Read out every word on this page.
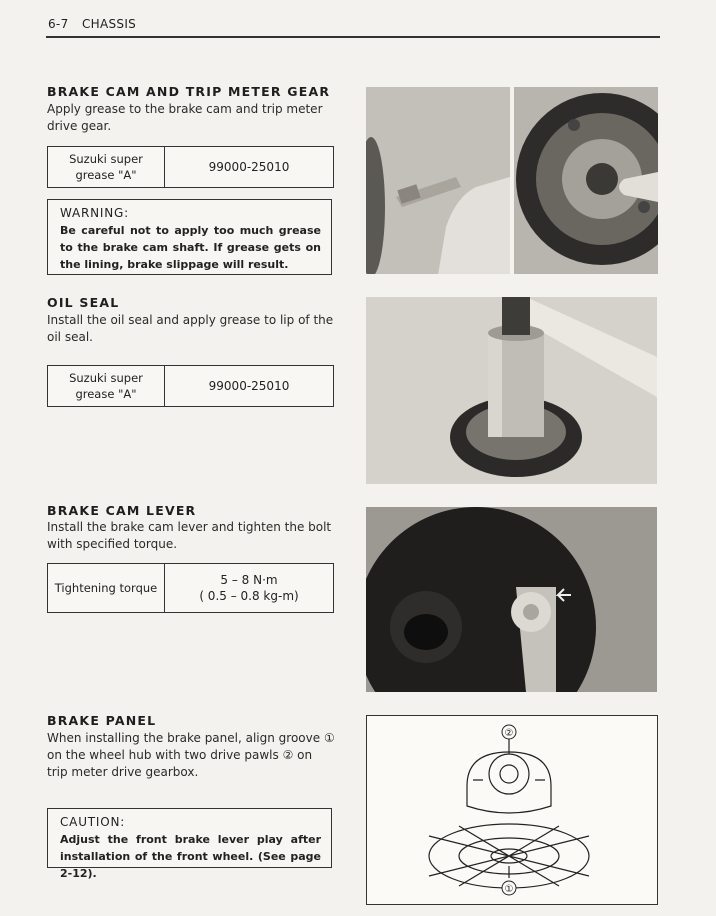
6-7 CHASSIS
BRAKE CAM AND TRIP METER GEAR
Apply grease to the brake cam and trip meter drive gear.
Suzuki super
grease "A"
99000-25010
WARNING:
Be careful not to apply too much grease to the brake cam shaft. If grease gets on the lining, brake slippage will result.
OIL SEAL
Install the oil seal and apply grease to lip of the oil seal.
Suzuki super
grease "A"
99000-25010
BRAKE CAM LEVER
Install the brake cam lever and tighten the bolt with specified torque.
Tightening torque
5 – 8 N·m
( 0.5 – 0.8 kg-m)
BRAKE PANEL
When installing the brake panel, align groove ① on the wheel hub with two drive pawls ② on trip meter drive gearbox.
CAUTION:
Adjust the front brake lever play after installation of the front wheel. (See page 2-12).
②
①
